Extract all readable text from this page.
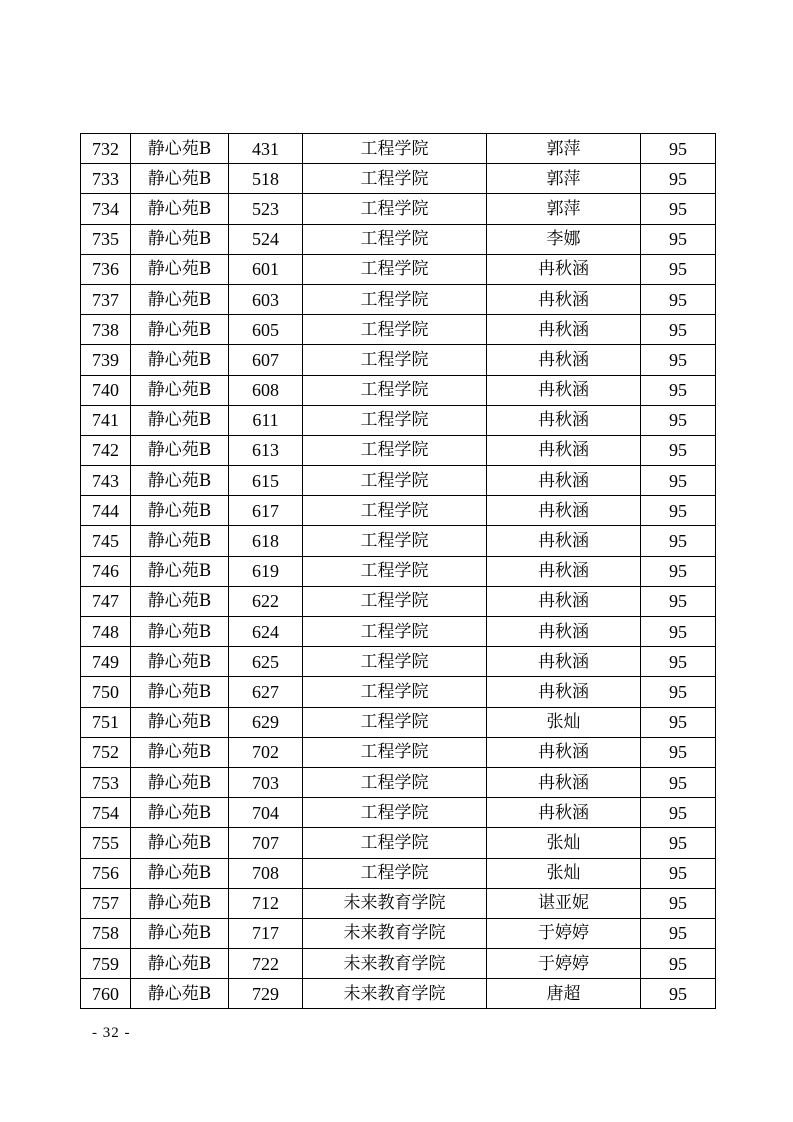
732	静心苑B	431	工程学院	郭萍	95
733	静心苑B	518	工程学院	郭萍	95
734	静心苑B	523	工程学院	郭萍	95
735	静心苑B	524	工程学院	李娜	95
736	静心苑B	601	工程学院	冉秋涵	95
737	静心苑B	603	工程学院	冉秋涵	95
738	静心苑B	605	工程学院	冉秋涵	95
739	静心苑B	607	工程学院	冉秋涵	95
740	静心苑B	608	工程学院	冉秋涵	95
741	静心苑B	611	工程学院	冉秋涵	95
742	静心苑B	613	工程学院	冉秋涵	95
743	静心苑B	615	工程学院	冉秋涵	95
744	静心苑B	617	工程学院	冉秋涵	95
745	静心苑B	618	工程学院	冉秋涵	95
746	静心苑B	619	工程学院	冉秋涵	95
747	静心苑B	622	工程学院	冉秋涵	95
748	静心苑B	624	工程学院	冉秋涵	95
749	静心苑B	625	工程学院	冉秋涵	95
750	静心苑B	627	工程学院	冉秋涵	95
751	静心苑B	629	工程学院	张灿	95
752	静心苑B	702	工程学院	冉秋涵	95
753	静心苑B	703	工程学院	冉秋涵	95
754	静心苑B	704	工程学院	冉秋涵	95
755	静心苑B	707	工程学院	张灿	95
756	静心苑B	708	工程学院	张灿	95
757	静心苑B	712	未来教育学院	谌亚妮	95
758	静心苑B	717	未来教育学院	于婷婷	95
759	静心苑B	722	未来教育学院	于婷婷	95
760	静心苑B	729	未来教育学院	唐超	95
- 32 -
